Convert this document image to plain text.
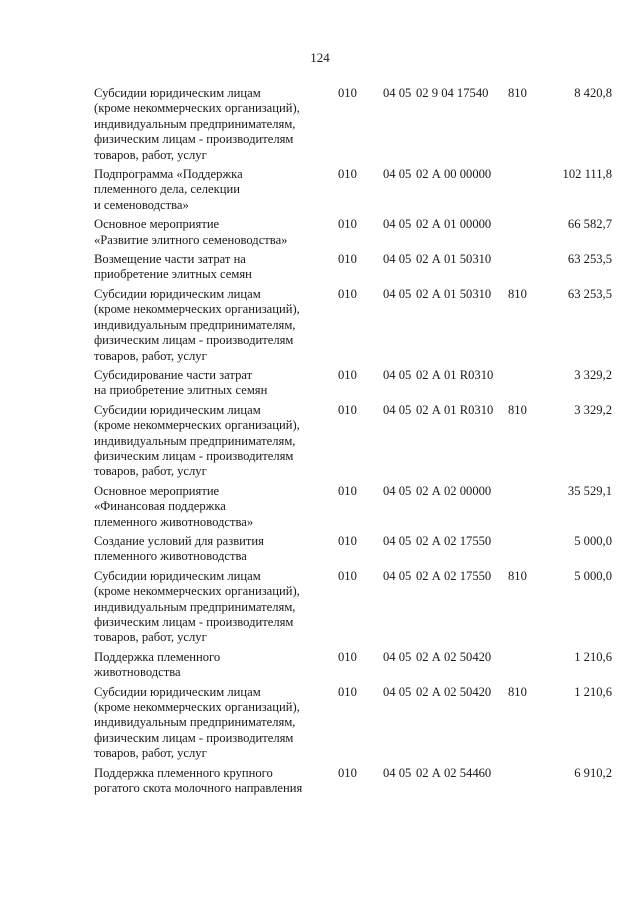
124
Субсидии юридическим лицам
(кроме некоммерческих организаций),
индивидуальным предпринимателям,
физическим лицам - производителям
товаров, работ, услуг
010 04 05 02 9 04 17540 810	8 420,8
Подпрограмма «Поддержка
племенного дела, селекции
и семеноводства»
010 04 05 02 А 00 00000	102 111,8
Основное мероприятие
«Развитие элитного семеноводства»
010 04 05 02 А 01 00000	66 582,7
Возмещение части затрат на
приобретение элитных семян
010 04 05 02 А 01 50310	63 253,5
Субсидии юридическим лицам
(кроме некоммерческих организаций),
индивидуальным предпринимателям,
физическим лицам - производителям
товаров, работ, услуг
010 04 05 02 А 01 50310 810	63 253,5
Субсидирование части затрат
на приобретение элитных семян
010 04 05 02 А 01 R0310	3 329,2
Субсидии юридическим лицам
(кроме некоммерческих организаций),
индивидуальным предпринимателям,
физическим лицам - производителям
товаров, работ, услуг
010 04 05 02 А 01 R0310 810	3 329,2
Основное мероприятие
«Финансовая поддержка
племенного животноводства»
010 04 05 02 А 02 00000	35 529,1
Создание условий для развития
племенного животноводства
010 04 05 02 А 02 17550	5 000,0
Субсидии юридическим лицам
(кроме некоммерческих организаций),
индивидуальным предпринимателям,
физическим лицам - производителям
товаров, работ, услуг
010 04 05 02 А 02 17550 810	5 000,0
Поддержка племенного
животноводства
010 04 05 02 А 02 50420	1 210,6
Субсидии юридическим лицам
(кроме некоммерческих организаций),
индивидуальным предпринимателям,
физическим лицам - производителям
товаров, работ, услуг
010 04 05 02 А 02 50420 810	1 210,6
Поддержка племенного крупного
рогатого скота молочного направления
010 04 05 02 А 02 54460	6 910,2
